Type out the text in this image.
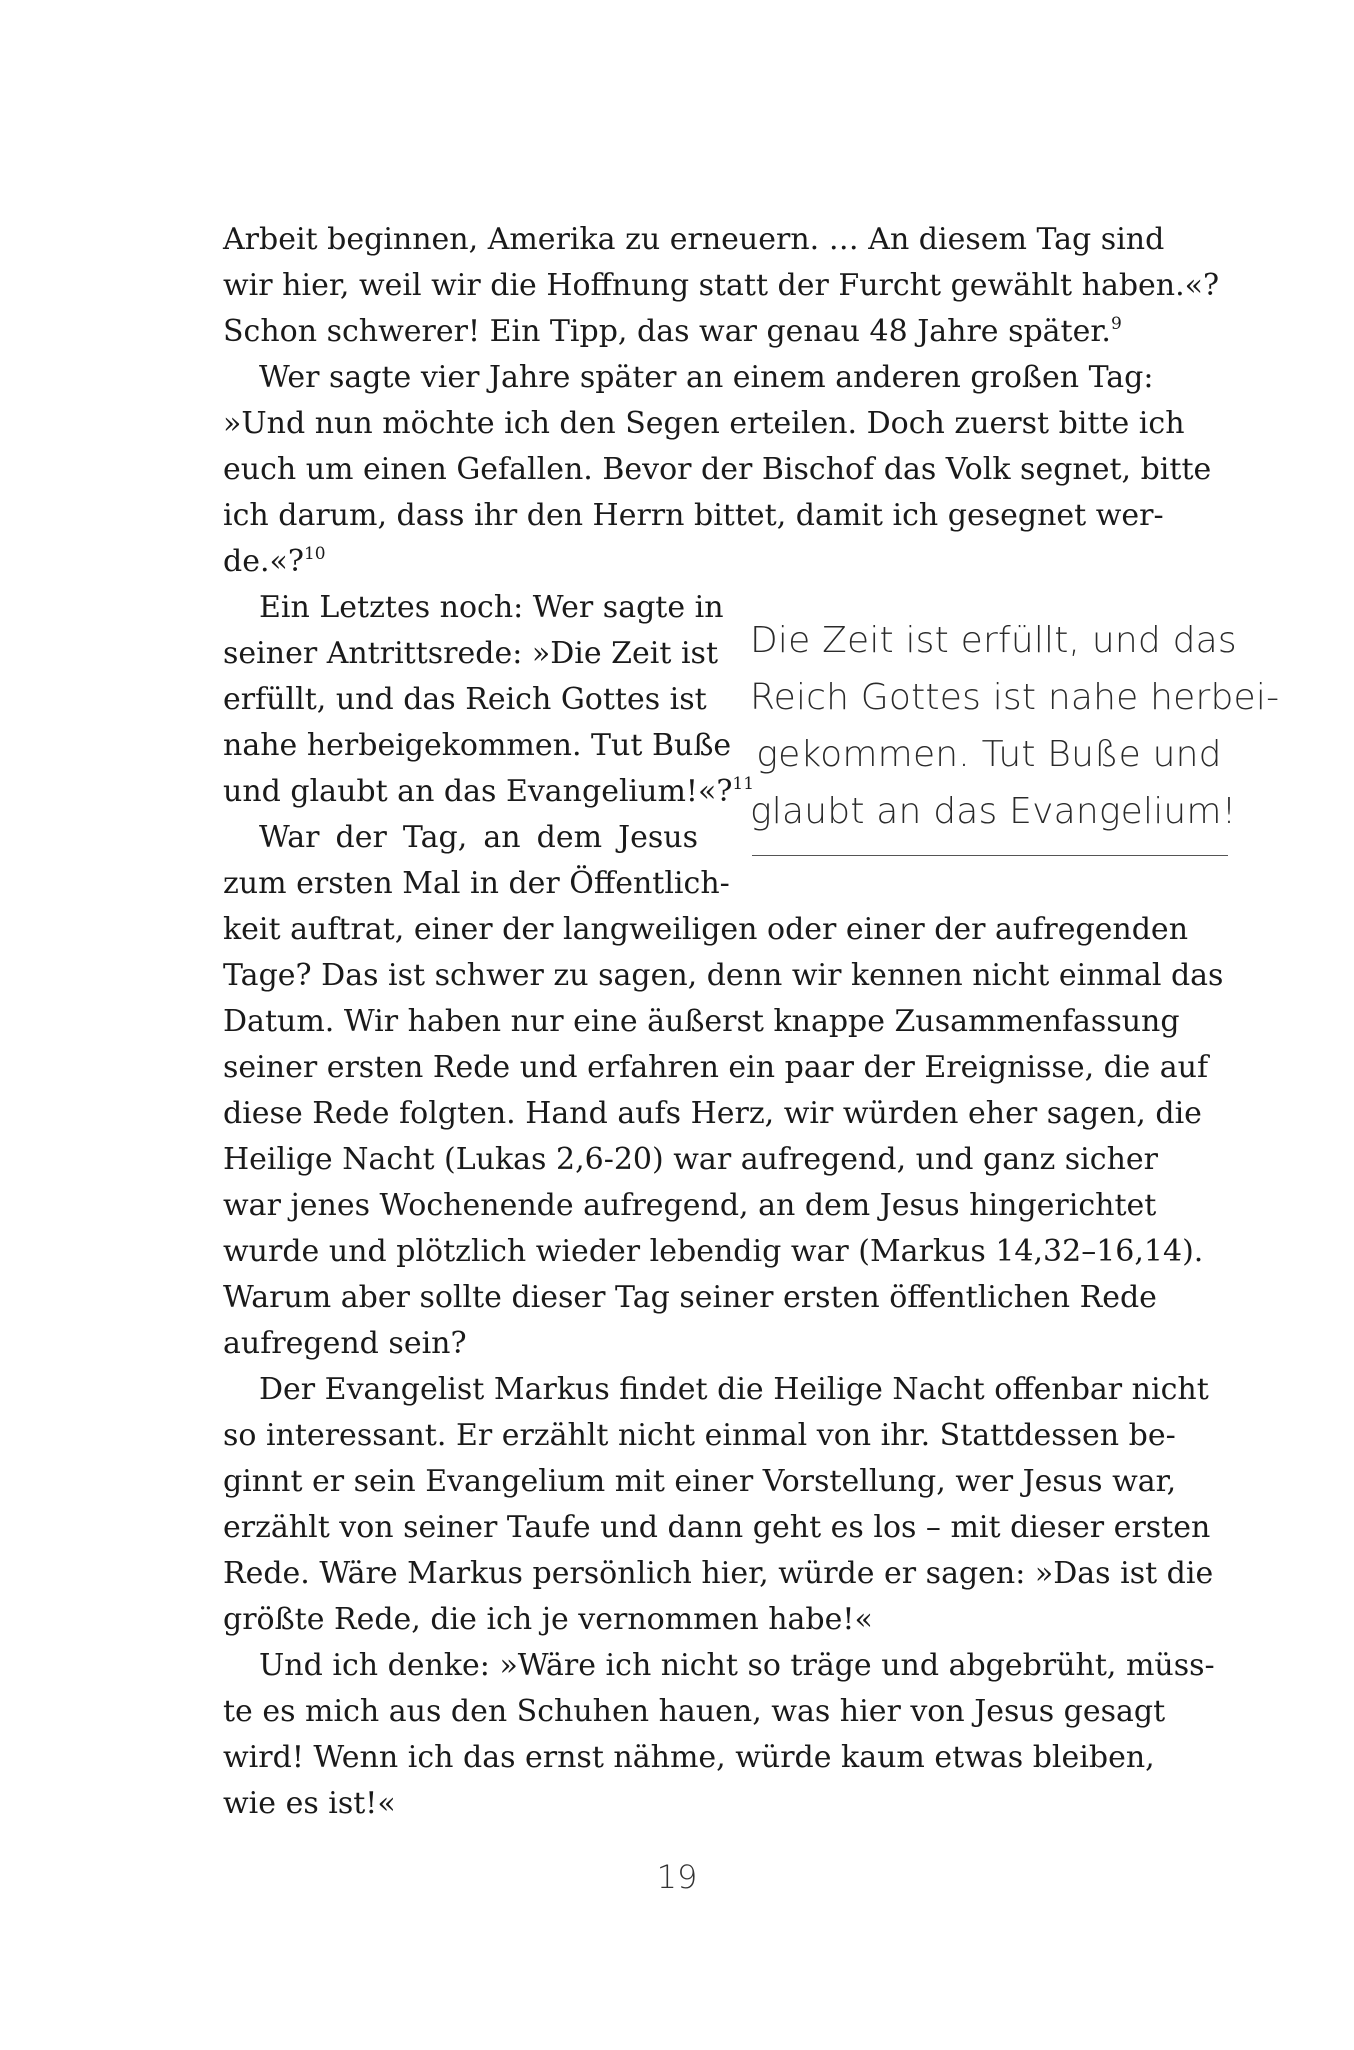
Arbeit beginnen, Amerika zu erneuern. … An diesem Tag sind

wir hier, weil wir die Hoffnung statt der Furcht gewählt haben.«?

Schon schwerer! Ein Tipp, das war genau 48 Jahre später.$^9$

Wer sagte vier Jahre später an einem anderen großen Tag:

»Und nun möchte ich den Segen erteilen. Doch zuerst bitte ich

euch um einen Gefallen. Bevor der Bischof das Volk segnet, bitte

ich darum, dass ihr den Herrn bittet, damit ich gesegnet wer-

de.«?$^{10}$

Ein Letztes noch: Wer sagte in

seiner Antrittsrede: »Die Zeit ist

erfüllt, und das Reich Gottes ist

nahe herbeigekommen. Tut Buße

und glaubt an das Evangelium!«?$^{11}$

War der Tag, an dem Jesus

zum ersten Mal in der Öffentlich-

keit auftrat, einer der langweiligen oder einer der aufregenden

Tage? Das ist schwer zu sagen, denn wir kennen nicht einmal das

Datum. Wir haben nur eine äußerst knappe Zusammenfassung

seiner ersten Rede und erfahren ein paar der Ereignisse, die auf

diese Rede folgten. Hand aufs Herz, wir würden eher sagen, die

Heilige Nacht (Lukas 2,6-20) war aufregend, und ganz sicher

war jenes Wochenende aufregend, an dem Jesus hingerichtet

wurde und plötzlich wieder lebendig war (Markus 14,32–16,14).

Warum aber sollte dieser Tag seiner ersten öffentlichen Rede

aufregend sein?

Der Evangelist Markus findet die Heilige Nacht offenbar nicht

so interessant. Er erzählt nicht einmal von ihr. Stattdessen be-

ginnt er sein Evangelium mit einer Vorstellung, wer Jesus war,

erzählt von seiner Taufe und dann geht es los – mit dieser ersten

Rede. Wäre Markus persönlich hier, würde er sagen: »Das ist die

größte Rede, die ich je vernommen habe!«

Und ich denke: »Wäre ich nicht so träge und abgebrüht, müss-

te es mich aus den Schuhen hauen, was hier von Jesus gesagt

wird! Wenn ich das ernst nähme, würde kaum etwas bleiben,

wie es ist!«

Die Zeit ist erfüllt, und das
Reich Gottes ist nahe herbei-
gekommen. Tut Buße und
glaubt an das Evangelium!
19
